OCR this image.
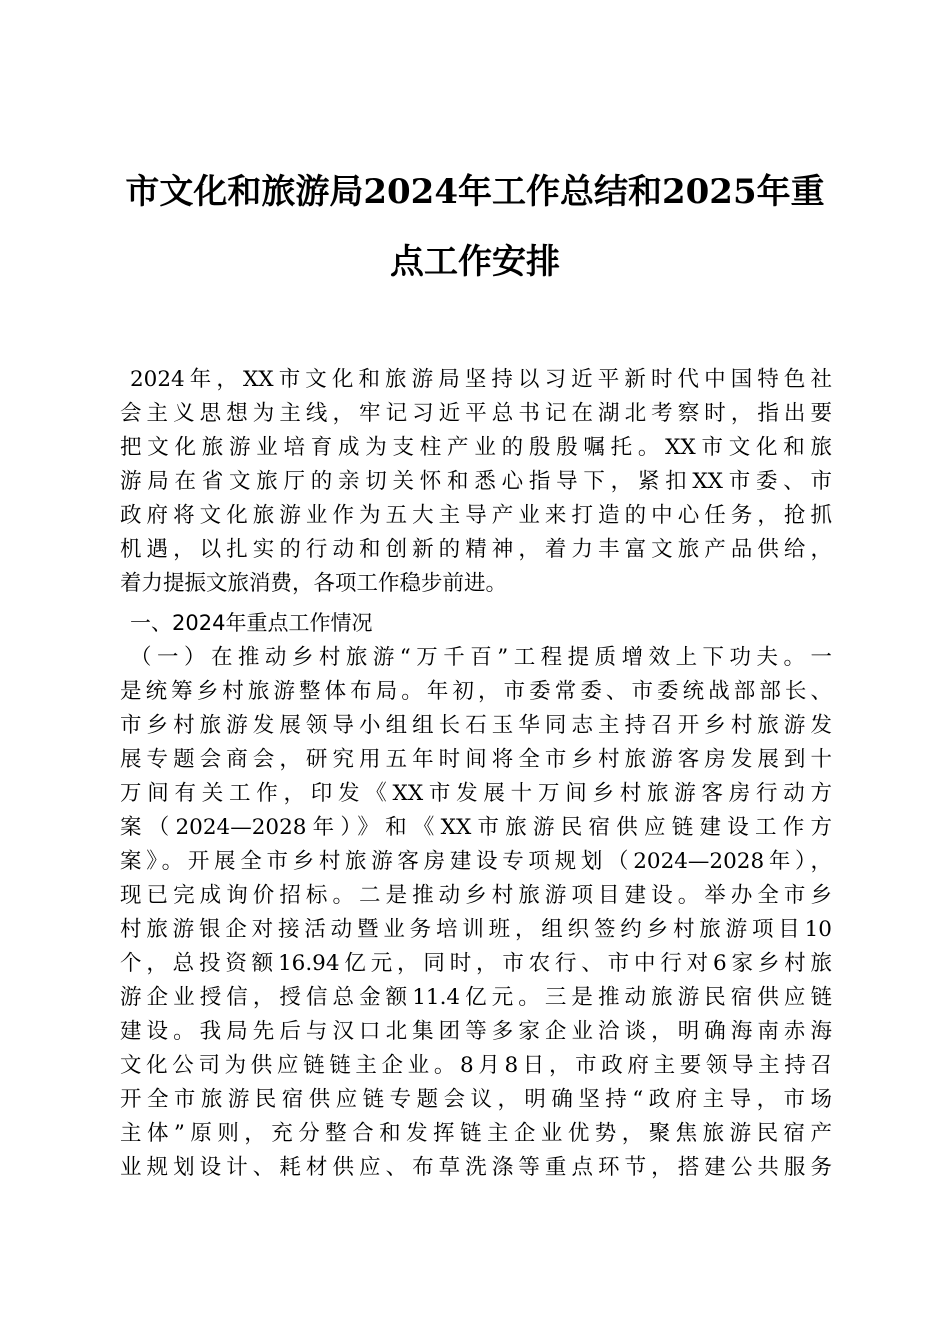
市文化和旅游局2024年工作总结和2025年重
点工作安排
2024年，XX市文化和旅游局坚持以习近平新时代中国特色社
会主义思想为主线，牢记习近平总书记在湖北考察时，指出要
把文化旅游业培育成为支柱产业的殷殷嘱托。XX市文化和旅
游局在省文旅厅的亲切关怀和悉心指导下，紧扣XX市委、市
政府将文化旅游业作为五大主导产业来打造的中心任务，抢抓
机遇，以扎实的行动和创新的精神，着力丰富文旅产品供给，
着力提振文旅消费，各项工作稳步前进。
一、2024年重点工作情况
（一）在推动乡村旅游“万千百”工程提质增效上下功夫。一
是统筹乡村旅游整体布局。年初，市委常委、市委统战部部长、
市乡村旅游发展领导小组组长石玉华同志主持召开乡村旅游发
展专题会商会，研究用五年时间将全市乡村旅游客房发展到十
万间有关工作，印发《XX市发展十万间乡村旅游客房行动方
案（2024—2028年）》和《XX市旅游民宿供应链建设工作方
案》。开展全市乡村旅游客房建设专项规划（2024—2028年），
现已完成询价招标。二是推动乡村旅游项目建设。举办全市乡
村旅游银企对接活动暨业务培训班，组织签约乡村旅游项目10
个，总投资额16.94亿元，同时，市农行、市中行对6家乡村旅
游企业授信，授信总金额11.4亿元。三是推动旅游民宿供应链
建设。我局先后与汉口北集团等多家企业洽谈，明确海南赤海
文化公司为供应链链主企业。8月8日，市政府主要领导主持召
开全市旅游民宿供应链专题会议，明确坚持“政府主导，市场
主体”原则，充分整合和发挥链主企业优势，聚焦旅游民宿产
业规划设计、耗材供应、布草洗涤等重点环节，搭建公共服务
